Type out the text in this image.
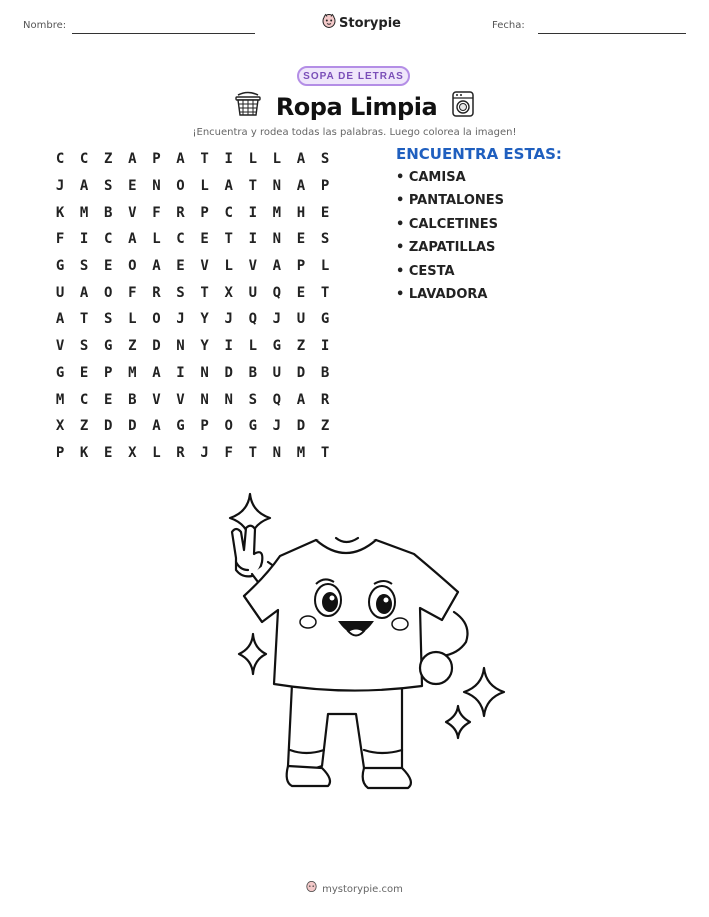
Nombre:	Storypie	Fecha:
SOPA DE LETRAS
Ropa Limpia
¡Encuentra y rodea todas las palabras. Luego colorea la imagen!
C	C	Z	A	P	A	T	I	L	L	A	S
J	A	S	E	N	O	L	A	T	N	A	P
K	M	B	V	F	R	P	C	I	M	H	E
F	I	C	A	L	C	E	T	I	N	E	S
G	S	E	O	A	E	V	L	V	A	P	L
U	A	O	F	R	S	T	X	U	Q	E	T
A	T	S	L	O	J	Y	J	Q	J	U	G
V	S	G	Z	D	N	Y	I	L	G	Z	I
G	E	P	M	A	I	N	D	B	U	D	B
M	C	E	B	V	V	N	N	S	Q	A	R
X	Z	D	D	A	G	P	O	G	J	D	Z
P	K	E	X	L	R	J	F	T	N	M	T
ENCUENTRA ESTAS:
• CAMISA
• PANTALONES
• CALCETINES
• ZAPATILLAS
• CESTA
• LAVADORA
mystorypie.com
